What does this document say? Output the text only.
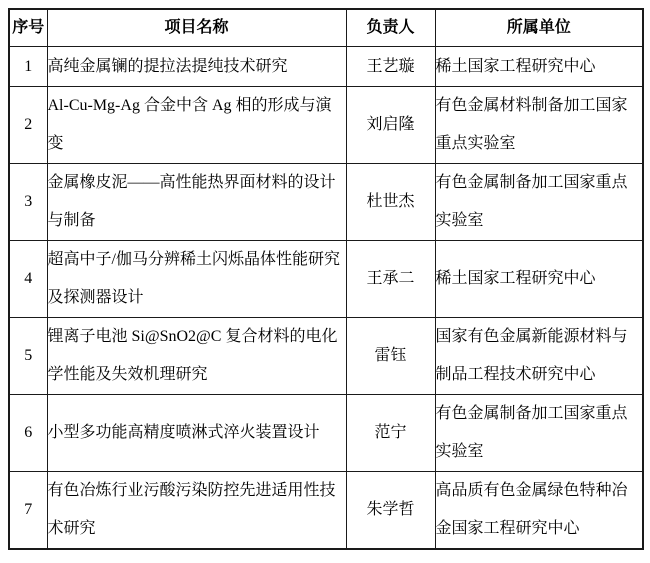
序号	项目名称	负责人	所属单位
1	高纯金属镧的提拉法提纯技术研究	王艺璇	稀土国家工程研究中心
2	Al-Cu-Mg-Ag 合金中含 Ag 相的形成与演变	刘启隆	有色金属材料制备加工国家重点实验室
3	金属橡皮泥——高性能热界面材料的设计与制备	杜世杰	有色金属制备加工国家重点实验室
4	超高中子/伽马分辨稀土闪烁晶体性能研究及探测器设计	王承二	稀土国家工程研究中心
5	锂离子电池 Si@SnO2@C 复合材料的电化学性能及失效机理研究	雷钰	国家有色金属新能源材料与制品工程技术研究中心
6	小型多功能高精度喷淋式淬火装置设计	范宁	有色金属制备加工国家重点实验室
7	有色冶炼行业污酸污染防控先进适用性技术研究	朱学哲	高品质有色金属绿色特种冶金国家工程研究中心
